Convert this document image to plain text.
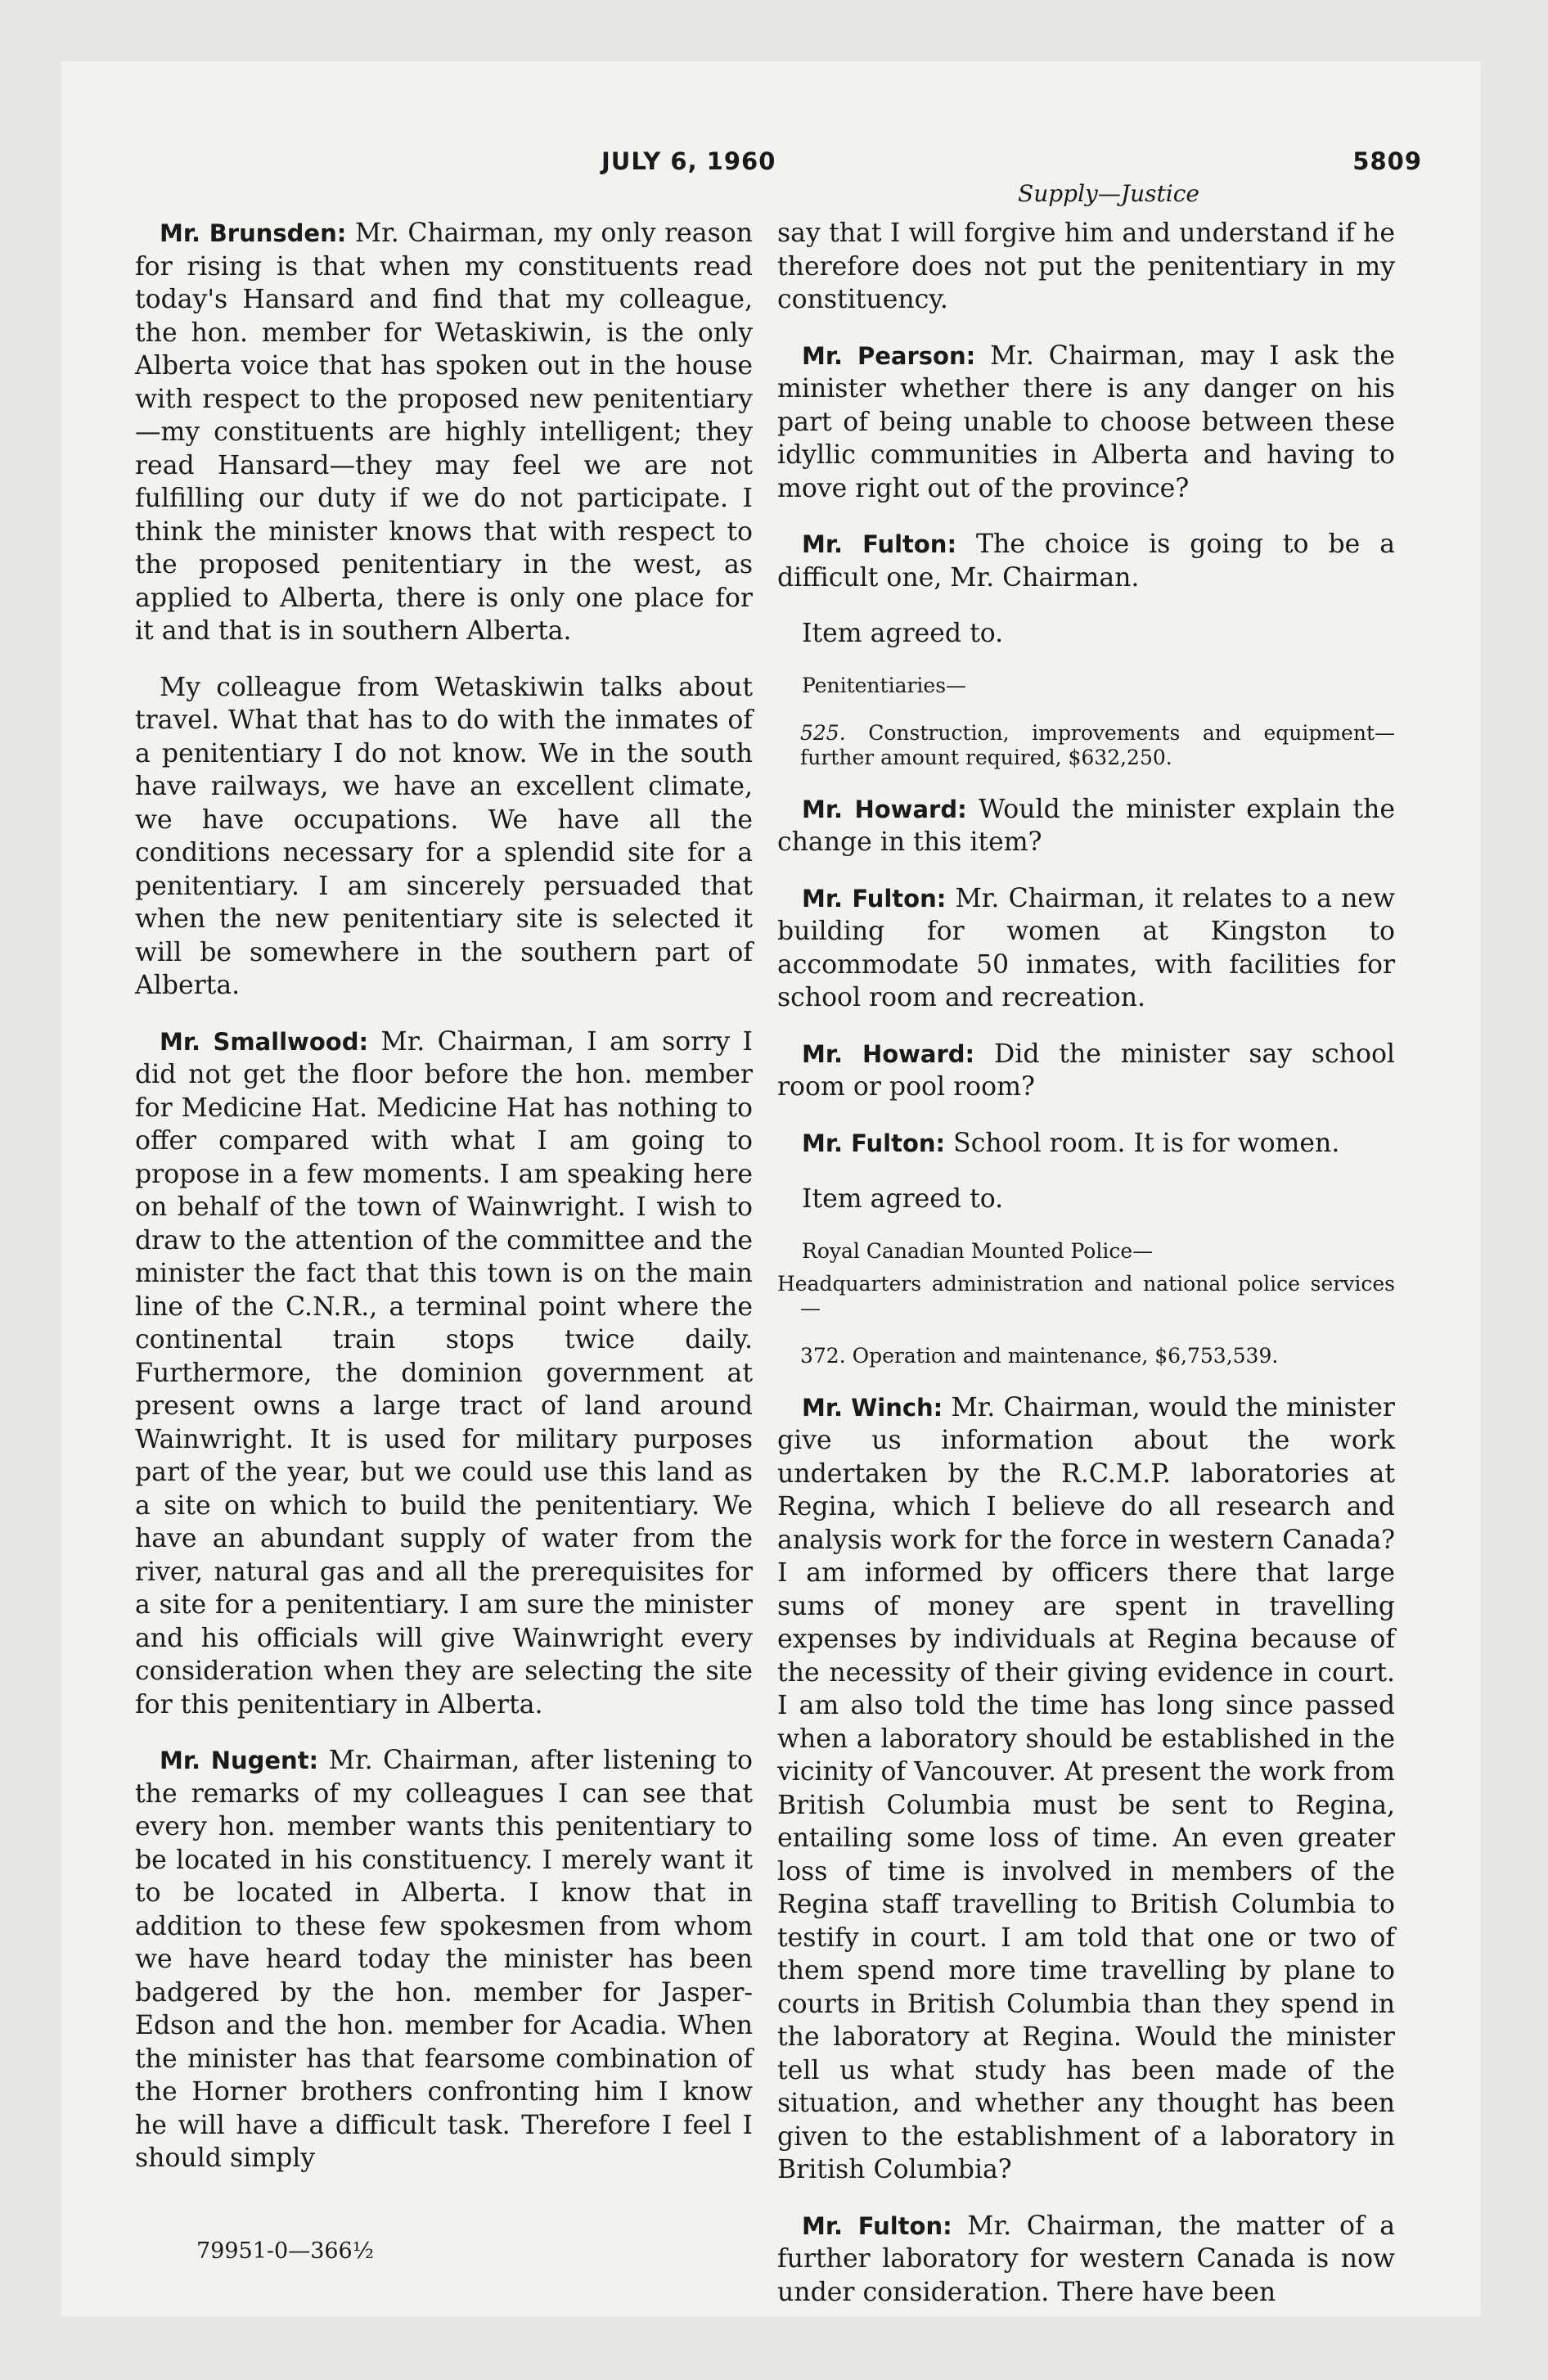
JULY 6, 1960	5809
Supply—Justice

Mr. Brunsden: Mr. Chairman, my only reason for rising is that when my constituents read today's Hansard and find that my colleague, the hon. member for Wetaskiwin, is the only Alberta voice that has spoken out in the house with respect to the proposed new penitentiary—my constituents are highly intelligent; they read Hansard—they may feel we are not fulfilling our duty if we do not participate. I think the minister knows that with respect to the proposed penitentiary in the west, as applied to Alberta, there is only one place for it and that is in southern Alberta.

My colleague from Wetaskiwin talks about travel. What that has to do with the inmates of a penitentiary I do not know. We in the south have railways, we have an excellent climate, we have occupations. We have all the conditions necessary for a splendid site for a penitentiary. I am sincerely persuaded that when the new penitentiary site is selected it will be somewhere in the southern part of Alberta.

Mr. Smallwood: Mr. Chairman, I am sorry I did not get the floor before the hon. member for Medicine Hat. Medicine Hat has nothing to offer compared with what I am going to propose in a few moments. I am speaking here on behalf of the town of Wainwright. I wish to draw to the attention of the committee and the minister the fact that this town is on the main line of the C.N.R., a terminal point where the continental train stops twice daily. Furthermore, the dominion government at present owns a large tract of land around Wainwright. It is used for military purposes part of the year, but we could use this land as a site on which to build the penitentiary. We have an abundant supply of water from the river, natural gas and all the prerequisites for a site for a penitentiary. I am sure the minister and his officials will give Wainwright every consideration when they are selecting the site for this penitentiary in Alberta.

Mr. Nugent: Mr. Chairman, after listening to the remarks of my colleagues I can see that every hon. member wants this penitentiary to be located in his constituency. I merely want it to be located in Alberta. I know that in addition to these few spokesmen from whom we have heard today the minister has been badgered by the hon. member for Jasper-Edson and the hon. member for Acadia. When the minister has that fearsome combination of the Horner brothers confronting him I know he will have a difficult task. Therefore I feel I should simply

say that I will forgive him and understand if he therefore does not put the penitentiary in my constituency.

Mr. Pearson: Mr. Chairman, may I ask the minister whether there is any danger on his part of being unable to choose between these idyllic communities in Alberta and having to move right out of the province?

Mr. Fulton: The choice is going to be a difficult one, Mr. Chairman.

Item agreed to.

Penitentiaries—

525. Construction, improvements and equipment—further amount required, $632,250.

Mr. Howard: Would the minister explain the change in this item?

Mr. Fulton: Mr. Chairman, it relates to a new building for women at Kingston to accommodate 50 inmates, with facilities for school room and recreation.

Mr. Howard: Did the minister say school room or pool room?

Mr. Fulton: School room. It is for women.

Item agreed to.

Royal Canadian Mounted Police—

Headquarters administration and national police services—

372. Operation and maintenance, $6,753,539.

Mr. Winch: Mr. Chairman, would the minister give us information about the work undertaken by the R.C.M.P. laboratories at Regina, which I believe do all research and analysis work for the force in western Canada? I am informed by officers there that large sums of money are spent in travelling expenses by individuals at Regina because of the necessity of their giving evidence in court. I am also told the time has long since passed when a laboratory should be established in the vicinity of Vancouver. At present the work from British Columbia must be sent to Regina, entailing some loss of time. An even greater loss of time is involved in members of the Regina staff travelling to British Columbia to testify in court. I am told that one or two of them spend more time travelling by plane to courts in British Columbia than they spend in the laboratory at Regina. Would the minister tell us what study has been made of the situation, and whether any thought has been given to the establishment of a laboratory in British Columbia?

Mr. Fulton: Mr. Chairman, the matter of a further laboratory for western Canada is now under consideration. There have been

79951-0—366½
